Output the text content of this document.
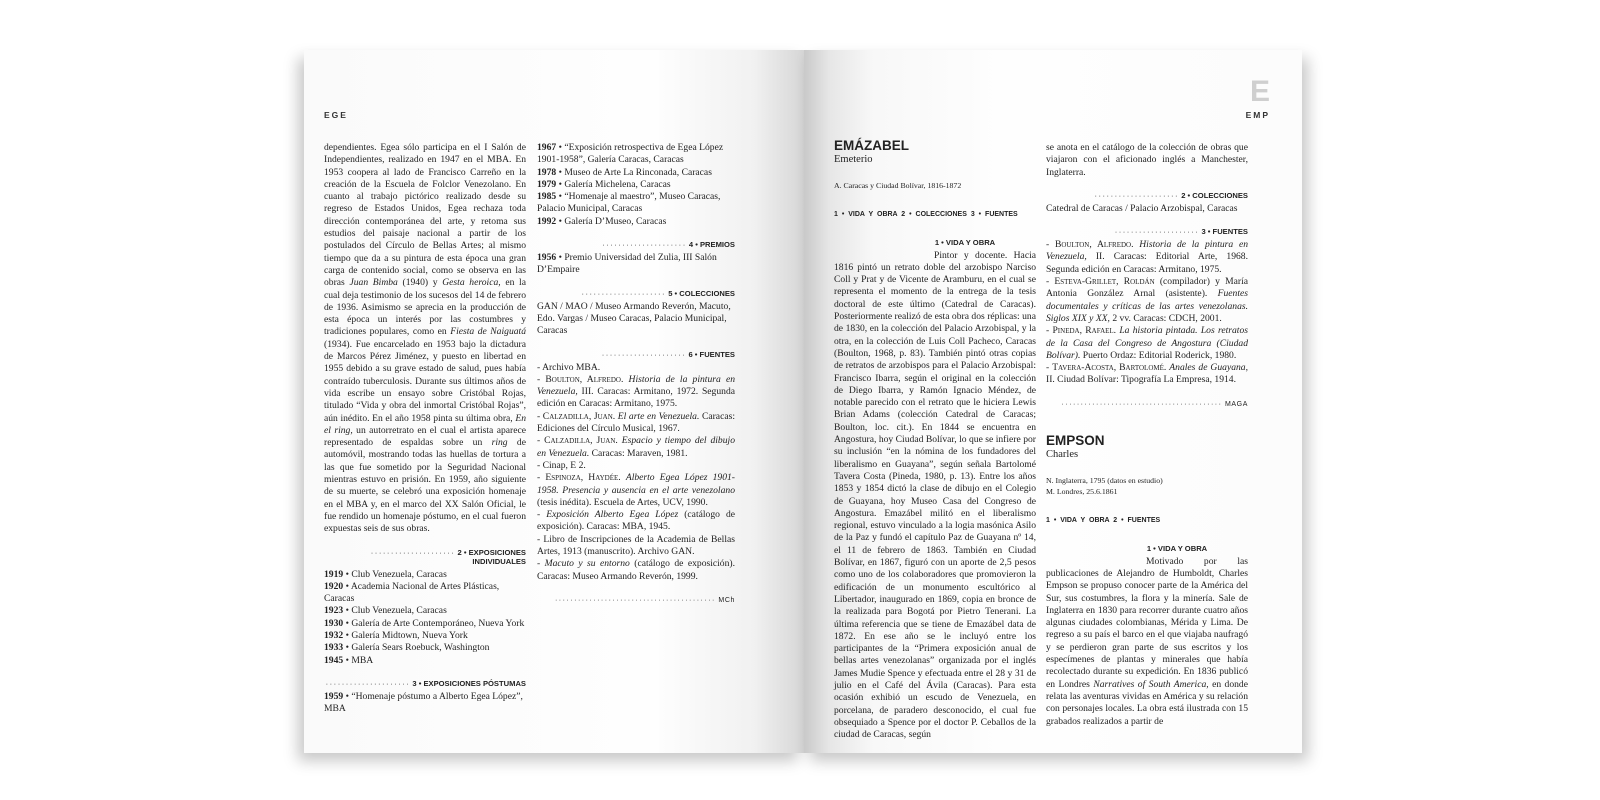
EGE

dependientes. Egea sólo participa en el I Salón de Independientes, realizado en 1947 en el MBA. En 1953 coopera al lado de Francisco Carreño en la creación de la Escuela de Folclor Venezolano. En cuanto al trabajo pictórico realizado desde su regreso de Estados Unidos, Egea rechaza toda dirección contemporánea del arte, y retoma sus estudios del paisaje nacional a partir de los postulados del Círculo de Bellas Artes; al mismo tiempo que da a su pintura de esta época una gran carga de contenido social, como se observa en las obras Juan Bimba (1940) y Gesta heroica, en la cual deja testimonio de los sucesos del 14 de febrero de 1936. Asimismo se aprecia en la producción de esta época un interés por las costumbres y tradiciones populares, como en Fiesta de Naiguatá (1934). Fue encarcelado en 1953 bajo la dictadura de Marcos Pérez Jiménez, y puesto en libertad en 1955 debido a su grave estado de salud, pues había contraído tuberculosis. Durante sus últimos años de vida escribe un ensayo sobre Cristóbal Rojas, titulado “Vida y obra del inmortal Cristóbal Rojas”, aún inédito. En el año 1958 pinta su última obra, En el ring, un autorretrato en el cual el artista aparece representado de espaldas sobre un ring de automóvil, mostrando todas las huellas de tortura a las que fue sometido por la Seguridad Nacional mientras estuvo en prisión. En 1959, año siguiente de su muerte, se celebró una exposición homenaje en el MBA y, en el marco del XX Salón Oficial, le fue rendido un homenaje póstumo, en el cual fueron expuestas seis de sus obras.

····················· 2 • EXPOSICIONES INDIVIDUALES
1919 • Club Venezuela, Caracas
1920 • Academia Nacional de Artes Plásticas, Caracas
1923 • Club Venezuela, Caracas
1930 • Galería de Arte Contemporáneo, Nueva York
1932 • Galería Midtown, Nueva York
1933 • Galería Sears Roebuck, Washington
1945 • MBA
····················· 3 • EXPOSICIONES PÓSTUMAS
1959 • “Homenaje póstumo a Alberto Egea López”, MBA
1967 • “Exposición retrospectiva de Egea López 1901-1958”, Galería Caracas, Caracas
1978 • Museo de Arte La Rinconada, Caracas
1979 • Galería Michelena, Caracas
1985 • “Homenaje al maestro”, Museo Caracas, Palacio Municipal, Caracas
1992 • Galería D’Museo, Caracas
····················· 4 • PREMIOS
1956 • Premio Universidad del Zulia, III Salón D’Empaire
····················· 5 • COLECCIONES

GAN / MAO / Museo Armando Reverón, Macuto, Edo. Vargas / Museo Caracas, Palacio Municipal, Caracas

····················· 6 • FUENTES
- Archivo MBA.
- Boulton, Alfredo. Historia de la pintura en Venezuela, III. Caracas: Armitano, 1972. Segunda edición en Caracas: Armitano, 1975.
- Calzadilla, Juan. El arte en Venezuela. Caracas: Ediciones del Círculo Musical, 1967.
- Calzadilla, Juan. Espacio y tiempo del dibujo en Venezuela. Caracas: Maraven, 1981.
- Cinap, E 2.
- Espinoza, Haydée. Alberto Egea López 1901-1958. Presencia y ausencia en el arte venezolano (tesis inédita). Escuela de Artes, UCV, 1990.
- Exposición Alberto Egea López (catálogo de exposición). Caracas: MBA, 1945.
- Libro de Inscripciones de la Academia de Bellas Artes, 1913 (manuscrito). Archivo GAN.
- Macuto y su entorno (catálogo de exposición). Caracas: Museo Armando Reverón, 1999.
·········································· MCh
E
EMP
EMÁZABEL
Emeterio
A. Caracas y Ciudad Bolívar, 1816-1872
1 • VIDA Y OBRA 2 • COLECCIONES 3 • FUENTES
1 • VIDA Y OBRA

Pintor y docente. Hacia 1816 pintó un retrato doble del arzobispo Narciso Coll y Prat y de Vicente de Aramburu, en el cual se representa el momento de la entrega de la tesis doctoral de este último (Catedral de Caracas). Posteriormente realizó de esta obra dos réplicas: una de 1830, en la colección del Palacio Arzobispal, y la otra, en la colección de Luis Coll Pacheco, Caracas (Boulton, 1968, p. 83). También pintó otras copias de retratos de arzobispos para el Palacio Arzobispal: Francisco Ibarra, según el original en la colección de Diego Ibarra, y Ramón Ignacio Méndez, de notable parecido con el retrato que le hiciera Lewis Brian Adams (colección Catedral de Caracas; Boulton, loc. cit.). En 1844 se encuentra en Angostura, hoy Ciudad Bolívar, lo que se infiere por su inclusión “en la nómina de los fundadores del liberalismo en Guayana”, según señala Bartolomé Tavera Costa (Pineda, 1980, p. 13). Entre los años 1853 y 1854 dictó la clase de dibujo en el Colegio de Guayana, hoy Museo Casa del Congreso de Angostura. Emazábel militó en el liberalismo regional, estuvo vinculado a la logia masónica Asilo de la Paz y fundó el capítulo Paz de Guayana nº 14, el 11 de febrero de 1863. También en Ciudad Bolívar, en 1867, figuró con un aporte de 2,5 pesos como uno de los colaboradores que promovieron la edificación de un monumento escultórico al Libertador, inaugurado en 1869, copia en bronce de la realizada para Bogotá por Pietro Tenerani. La última referencia que se tiene de Emazábel data de 1872. En ese año se le incluyó entre los participantes de la “Primera exposición anual de bellas artes venezolanas” organizada por el inglés James Mudie Spence y efectuada entre el 28 y 31 de julio en el Café del Ávila (Caracas). Para esta ocasión exhibió un escudo de Venezuela, en porcelana, de paradero desconocido, el cual fue obsequiado a Spence por el doctor P. Ceballos de la ciudad de Caracas, según

se anota en el catálogo de la colección de obras que viajaron con el aficionado inglés a Manchester, Inglaterra.

····················· 2 • COLECCIONES

Catedral de Caracas / Palacio Arzobispal, Caracas

····················· 3 • FUENTES
- Boulton, Alfredo. Historia de la pintura en Venezuela, II. Caracas: Editorial Arte, 1968. Segunda edición en Caracas: Armitano, 1975.
- Esteva-Grillet, Roldán (compilador) y María Antonia González Arnal (asistente). Fuentes documentales y críticas de las artes venezolanas. Siglos XIX y XX, 2 vv. Caracas: CDCH, 2001.
- Pineda, Rafael. La historia pintada. Los retratos de la Casa del Congreso de Angostura (Ciudad Bolívar). Puerto Ordaz: Editorial Roderick, 1980.
- Tavera-Acosta, Bartolomé. Anales de Guayana, II. Ciudad Bolívar: Tipografía La Empresa, 1914.
·········································· MAGA
EMPSON
Charles
N. Inglaterra, 1795 (datos en estudio)
M. Londres, 25.6.1861
1 • VIDA Y OBRA 2 • FUENTES
1 • VIDA Y OBRA

Motivado por las publicaciones de Alejandro de Humboldt, Charles Empson se propuso conocer parte de la América del Sur, sus costumbres, la flora y la minería. Sale de Inglaterra en 1830 para recorrer durante cuatro años algunas ciudades colombianas, Mérida y Lima. De regreso a su país el barco en el que viajaba naufragó y se perdieron gran parte de sus escritos y los especímenes de plantas y minerales que había recolectado durante su expedición. En 1836 publicó en Londres Narratives of South America, en donde relata las aventuras vividas en América y su relación con personajes locales. La obra está ilustrada con 15 grabados realizados a partir de
